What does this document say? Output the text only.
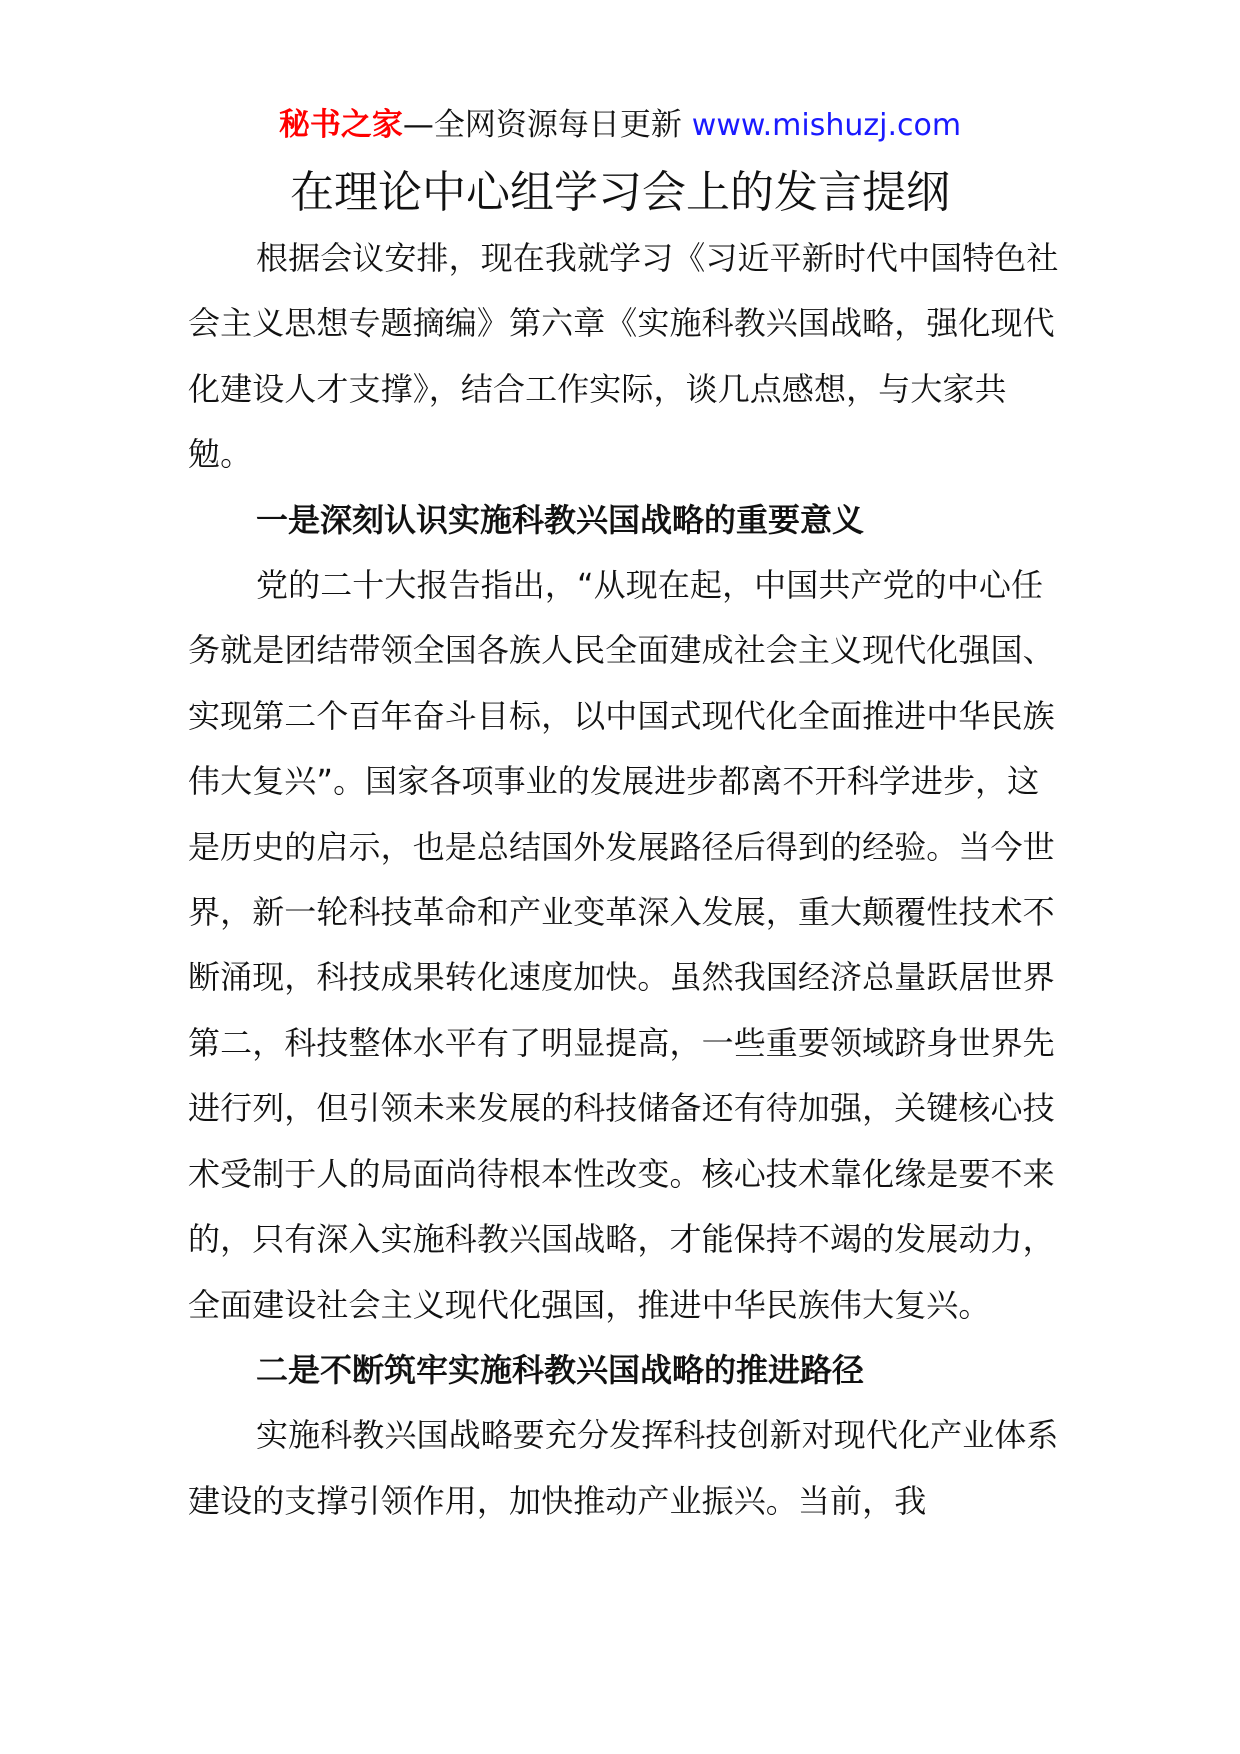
秘书之家—全网资源每日更新 www.mishuzj.com
在理论中心组学习会上的发言提纲

根据会议安排，现在我就学习《习近平新时代中国特色社会主义思想专题摘编》第六章《实施科教兴国战略，强化现代化建设人才支撑》，结合工作实际，谈几点感想，与大家共勉。

一是深刻认识实施科教兴国战略的重要意义

党的二十大报告指出，“从现在起，中国共产党的中心任务就是团结带领全国各族人民全面建成社会主义现代化强国、实现第二个百年奋斗目标，以中国式现代化全面推进中华民族伟大复兴”。国家各项事业的发展进步都离不开科学进步，这是历史的启示，也是总结国外发展路径后得到的经验。当今世界，新一轮科技革命和产业变革深入发展，重大颠覆性技术不断涌现，科技成果转化速度加快。虽然我国经济总量跃居世界第二，科技整体水平有了明显提高，一些重要领域跻身世界先进行列，但引领未来发展的科技储备还有待加强，关键核心技术受制于人的局面尚待根本性改变。核心技术靠化缘是要不来的，只有深入实施科教兴国战略，才能保持不竭的发展动力，全面建设社会主义现代化强国，推进中华民族伟大复兴。

二是不断筑牢实施科教兴国战略的推进路径

实施科教兴国战略要充分发挥科技创新对现代化产业体系建设的支撑引领作用，加快推动产业振兴。当前，我
